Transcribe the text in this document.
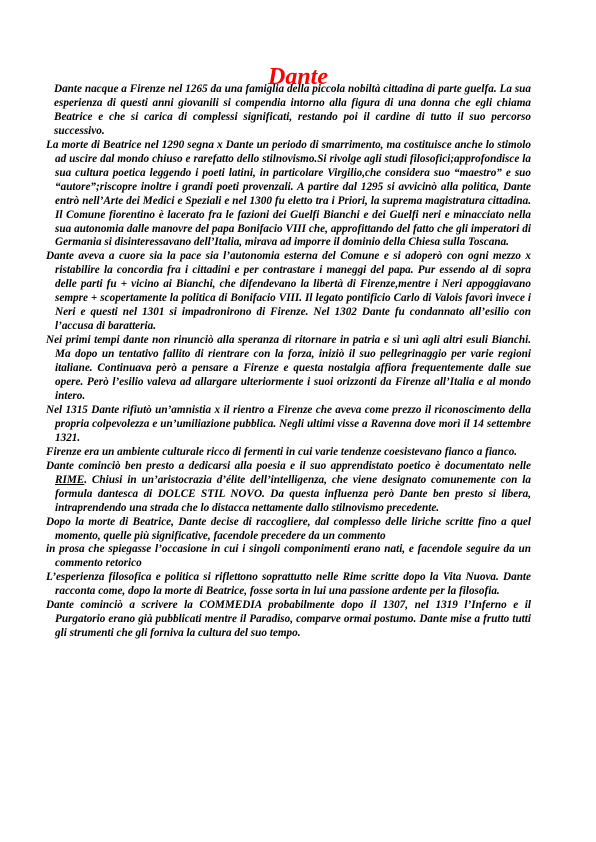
Dante

Dante nacque a Firenze nel 1265 da una famiglia della piccola nobiltà cittadina di parte guelfa. La sua esperienza di questi anni giovanili si compendia intorno alla figura di una donna che egli chiama Beatrice e che si carica di complessi significati, restando poi il cardine di tutto il suo percorso successivo.

La morte di Beatrice nel 1290 segna x Dante un periodo di smarrimento, ma costituisce anche lo stimolo ad uscire dal mondo chiuso e rarefatto dello stilnovismo.Si rivolge agli studi filosofici;approfondisce la sua cultura poetica leggendo i poeti latini, in particolare Virgilio,che considera suo “maestro” e suo “autore”;riscopre inoltre i grandi poeti provenzali. A partire dal 1295 si avvicinò alla politica, Dante entrò nell’Arte dei Medici e Speziali e nel 1300 fu eletto tra i Priori, la suprema magistratura cittadina. Il Comune fiorentino è lacerato fra le fazioni dei Guelfi Bianchi e dei Guelfi neri e minacciato nella sua autonomia dalle manovre del papa Bonifacio VIII che, approfittando del fatto che gli imperatori di Germania si disinteressavano dell’Italia, mirava ad imporre il dominio della Chiesa sulla Toscana.

Dante aveva a cuore sia la pace sia l’autonomia esterna del Comune e si adoperò con ogni mezzo x ristabilire la concordia fra i cittadini e per contrastare i maneggi del papa. Pur essendo al di sopra delle parti fu + vicino ai Bianchi, che difendevano la libertà di Firenze,mentre i Neri appoggiavano sempre + scopertamente la politica di Bonifacio VIII. Il legato pontificio Carlo di Valois favorì invece i Neri e questi nel 1301 si impadronirono di Firenze. Nel 1302 Dante fu condannato all’esilio con l’accusa di baratteria.

Nei primi tempi dante non rinunciò alla speranza di ritornare in patria e si unì agli altri esuli Bianchi. Ma dopo un tentativo fallito di rientrare con la forza, iniziò il suo pellegrinaggio per varie regioni italiane. Continuava però a pensare a Firenze e questa nostalgia affiora frequentemente dalle sue opere. Però l’esilio valeva ad allargare ulteriormente i suoi orizzonti da Firenze all’Italia e al mondo intero.

Nel 1315 Dante rifiutò un’amnistia x il rientro a Firenze che aveva come prezzo il riconoscimento della propria colpevolezza e un’umiliazione pubblica. Negli ultimi visse a Ravenna dove morì il 14 settembre 1321.

Firenze era un ambiente culturale ricco di fermenti in cui varie tendenze coesistevano fianco a fianco.

Dante cominciò ben presto a dedicarsi alla poesia e il suo apprendistato poetico è documentato nelle RIME. Chiusi in un’aristocrazia d’élite dell’intelligenza, che viene designato comunemente con la formula dantesca di DOLCE STIL NOVO. Da questa influenza però Dante ben presto si libera, intraprendendo una strada che lo distacca nettamente dallo stilnovismo precedente.

Dopo la morte di Beatrice, Dante decise di raccogliere, dal complesso delle liriche scritte fino a quel momento, quelle più significative, facendole precedere da un commento

in prosa che spiegasse l’occasione in cui i singoli componimenti erano nati, e facendole seguire da un commento retorico

L’esperienza filosofica e politica si riflettono soprattutto nelle Rime scritte dopo la Vita Nuova. Dante racconta come, dopo la morte di Beatrice, fosse sorta in lui una passione ardente per la filosofia.

Dante cominciò a scrivere la COMMEDIA probabilmente dopo il 1307, nel 1319 l’Inferno e il Purgatorio erano già pubblicati mentre il Paradiso, comparve ormai postumo. Dante mise a frutto tutti gli strumenti che gli forniva la cultura del suo tempo.
